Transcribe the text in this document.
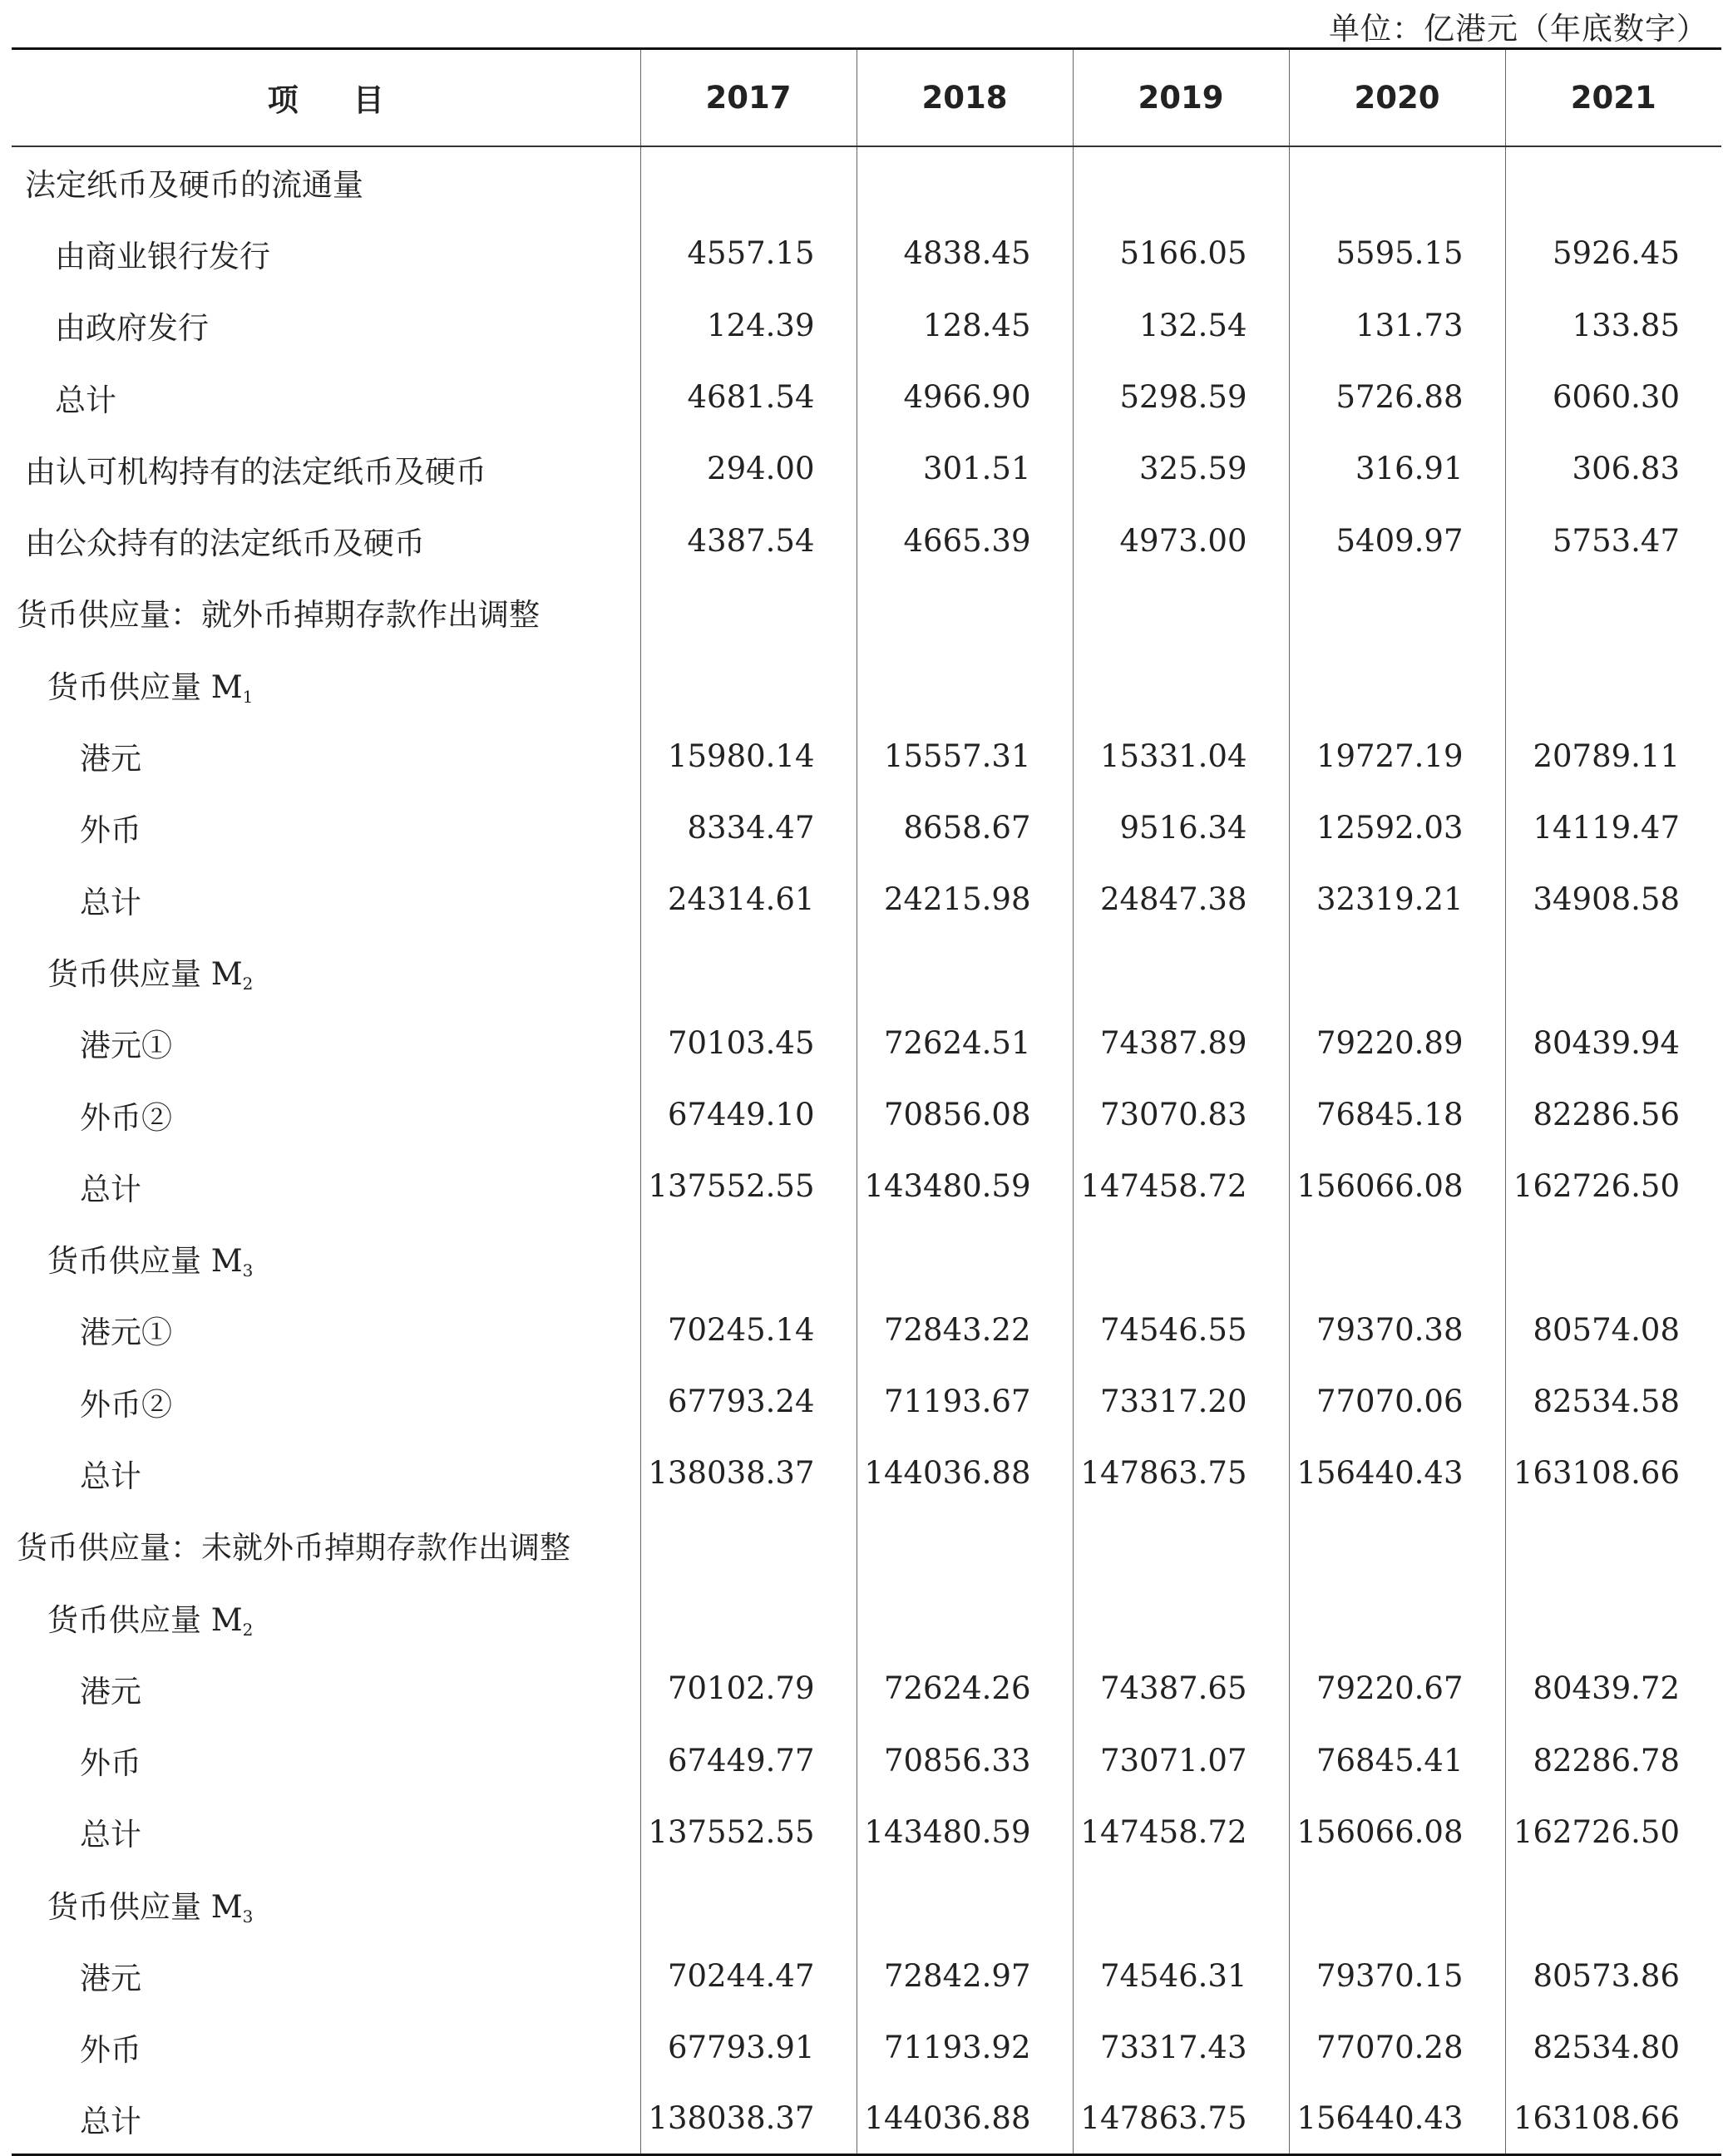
单位：亿港元（年底数字）
项目	2017	2018	2019	2020	2021
法定纸币及硬币的流通量					
由商业银行发行	4557.15	4838.45	5166.05	5595.15	5926.45
由政府发行	124.39	128.45	132.54	131.73	133.85
总计	4681.54	4966.90	5298.59	5726.88	6060.30
由认可机构持有的法定纸币及硬币	294.00	301.51	325.59	316.91	306.83
由公众持有的法定纸币及硬币	4387.54	4665.39	4973.00	5409.97	5753.47
货币供应量：就外币掉期存款作出调整					
货币供应量 $M_1$					
港元	15980.14	15557.31	15331.04	19727.19	20789.11
外币	8334.47	8658.67	9516.34	12592.03	14119.47
总计	24314.61	24215.98	24847.38	32319.21	34908.58
货币供应量 $M_2$					
港元①	70103.45	72624.51	74387.89	79220.89	80439.94
外币②	67449.10	70856.08	73070.83	76845.18	82286.56
总计	137552.55	143480.59	147458.72	156066.08	162726.50
货币供应量 $M_3$					
港元①	70245.14	72843.22	74546.55	79370.38	80574.08
外币②	67793.24	71193.67	73317.20	77070.06	82534.58
总计	138038.37	144036.88	147863.75	156440.43	163108.66
货币供应量：未就外币掉期存款作出调整					
货币供应量 $M_2$					
港元	70102.79	72624.26	74387.65	79220.67	80439.72
外币	67449.77	70856.33	73071.07	76845.41	82286.78
总计	137552.55	143480.59	147458.72	156066.08	162726.50
货币供应量 $M_3$					
港元	70244.47	72842.97	74546.31	79370.15	80573.86
外币	67793.91	71193.92	73317.43	77070.28	82534.80
总计	138038.37	144036.88	147863.75	156440.43	163108.66
